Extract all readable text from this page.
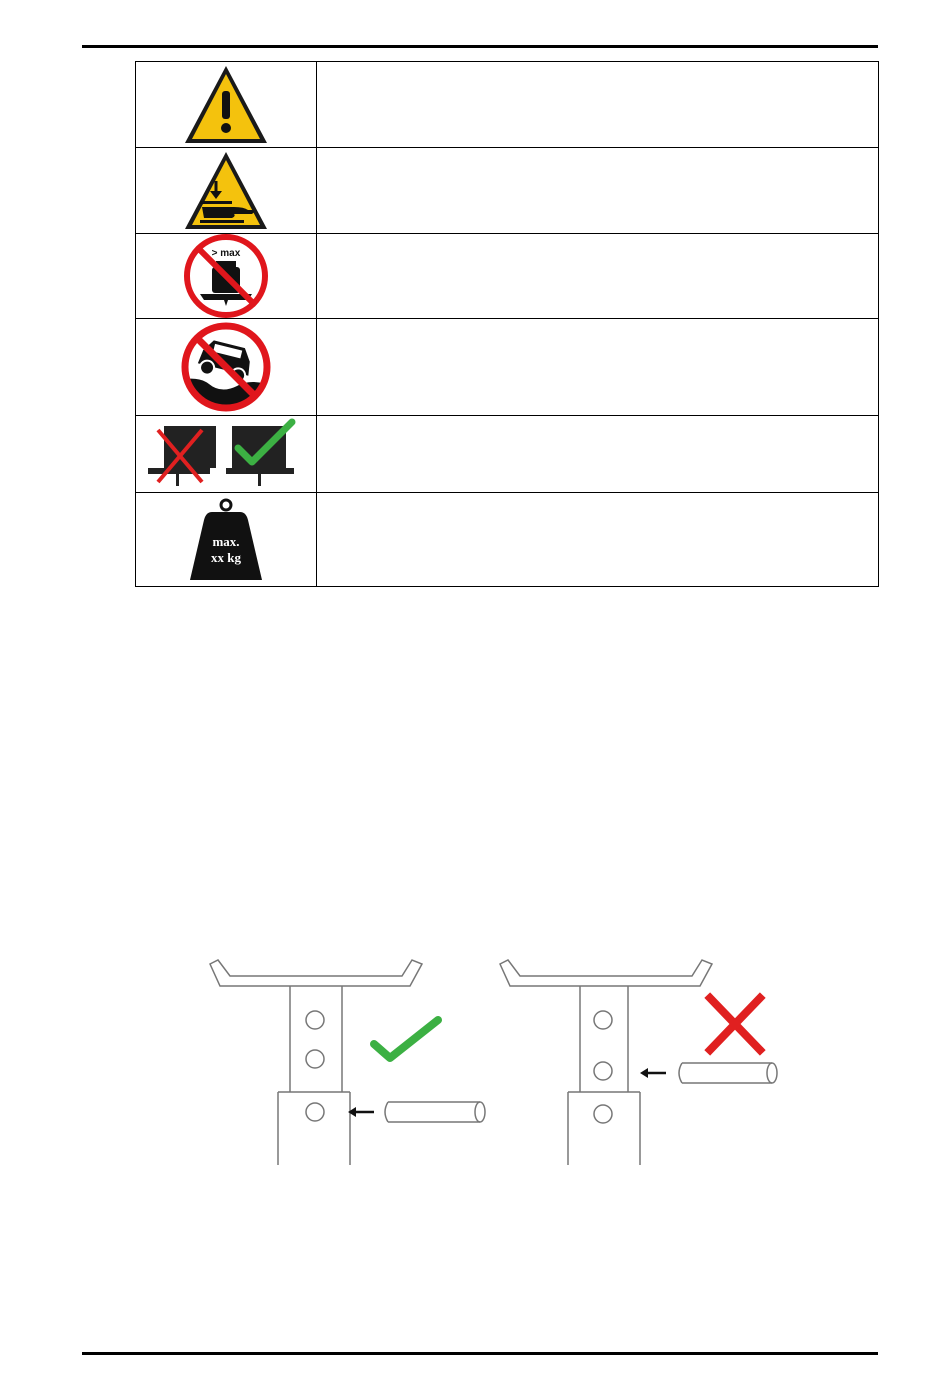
> max	

max. xx kg	
